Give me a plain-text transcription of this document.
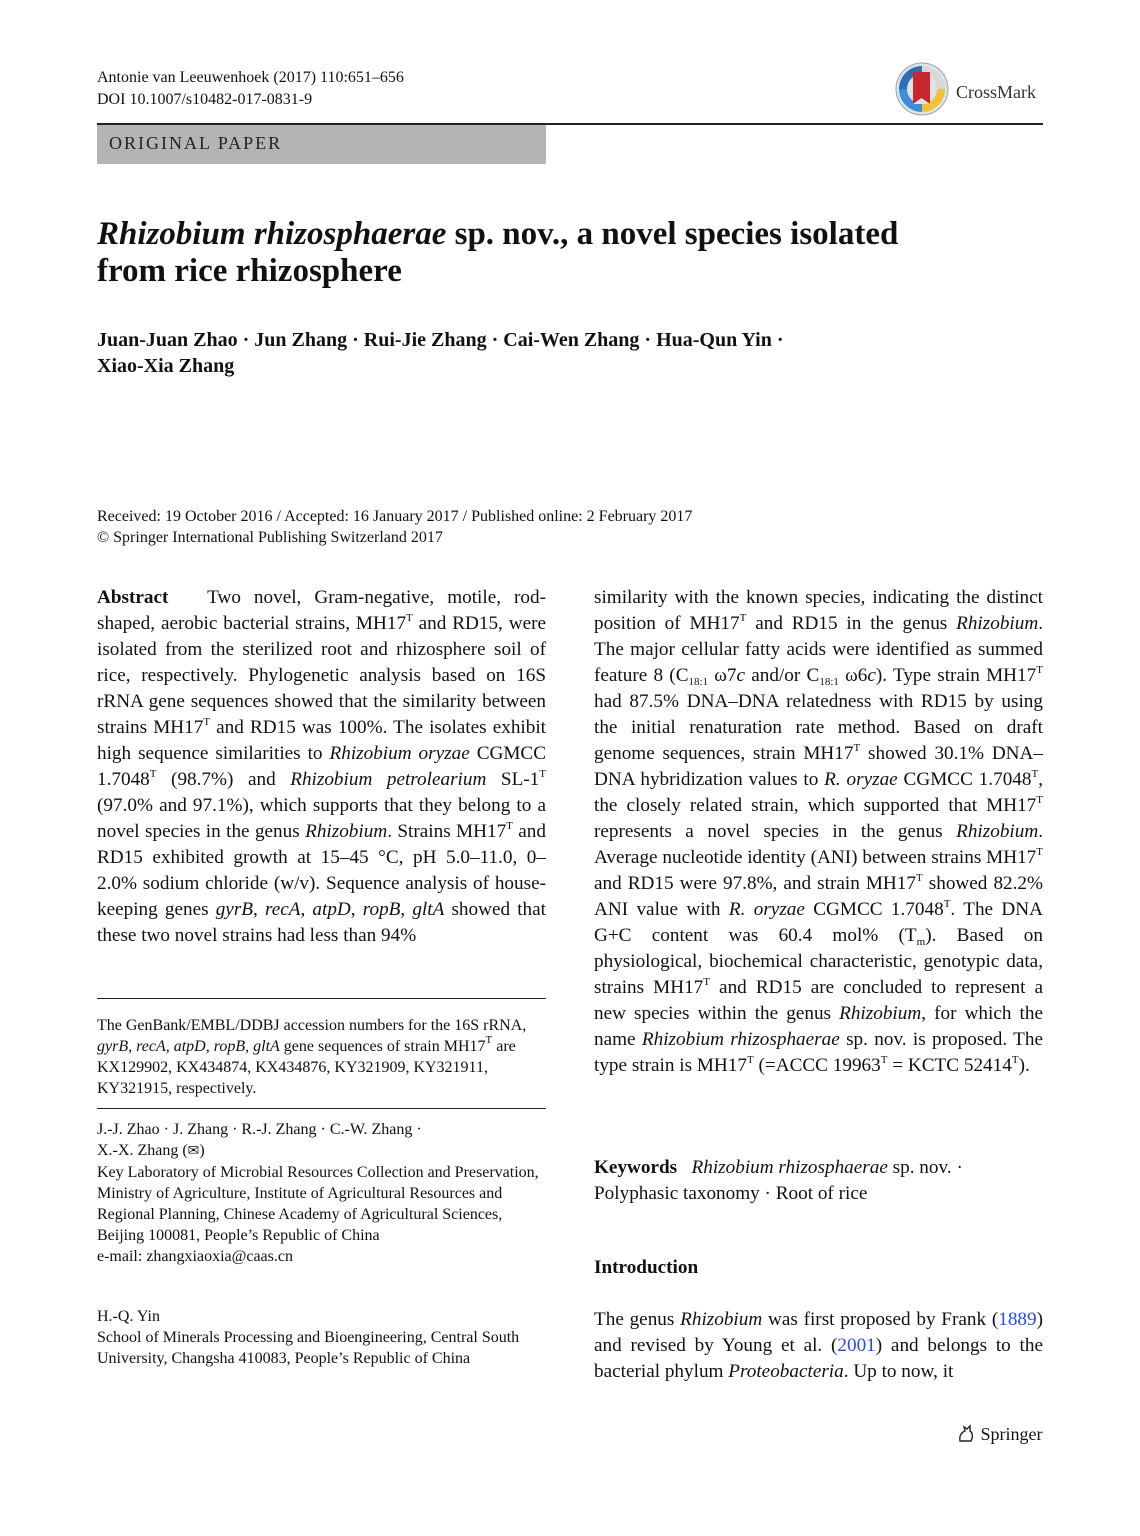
Antonie van Leeuwenhoek (2017) 110:651–656
DOI 10.1007/s10482-017-0831-9	CrossMark
ORIGINAL PAPER
Rhizobium rhizosphaerae sp. nov., a novel species isolated
from rice rhizosphere
Juan-Juan Zhao · Jun Zhang · Rui-Jie Zhang · Cai-Wen Zhang · Hua-Qun Yin ·
Xiao-Xia Zhang
Received: 19 October 2016 / Accepted: 16 January 2017 / Published online: 2 February 2017
© Springer International Publishing Switzerland 2017

Abstract Two novel, Gram-negative, motile, rod-shaped, aerobic bacterial strains, $MH17^T$ and RD15, were isolated from the sterilized root and rhizosphere soil of rice, respectively. Phylogenetic analysis based on 16S rRNA gene sequences showed that the similarity between strains $MH17^T$ and RD15 was 100%. The isolates exhibit high sequence similarities to Rhizobium oryzae CGMCC $1.7048^T$ (98.7%) and Rhizobium petrolearium $SL-1^T$ (97.0% and 97.1%), which supports that they belong to a novel species in the genus Rhizobium. Strains $MH17^T$ and RD15 exhibited growth at 15–45 °C, pH 5.0–11.0, 0–2.0% sodium chloride (w/v). Sequence analysis of house-keeping genes gyrB, recA, atpD, ropB, gltA showed that these two novel strains had less than 94%

The GenBank/EMBL/DDBJ accession numbers for the 16S rRNA, gyrB, recA, atpD, ropB, gltA gene sequences of strain $MH17^T$ are KX129902, KX434874, KX434876, KY321909, KY321911, KY321915, respectively.

J.-J. Zhao · J. Zhang · R.-J. Zhang · C.-W. Zhang ·

X.-X. Zhang (✉)

Key Laboratory of Microbial Resources Collection and Preservation, Ministry of Agriculture, Institute of Agricultural Resources and Regional Planning, Chinese Academy of Agricultural Sciences, Beijing 100081, People’s Republic of China

e-mail: zhangxiaoxia@caas.cn

H.-Q. Yin

School of Minerals Processing and Bioengineering, Central South University, Changsha 410083, People’s Republic of China

similarity with the known species, indicating the distinct position of $MH17^T$ and RD15 in the genus Rhizobium. The major cellular fatty acids were identified as summed feature 8 ($C_{18:1}$ ω7c and/or $C_{18:1}$ ω6c). Type strain $MH17^T$ had 87.5% DNA–DNA relatedness with RD15 by using the initial renaturation rate method. Based on draft genome sequences, strain $MH17^T$ showed 30.1% DNA–DNA hybridization values to R. oryzae CGMCC $1.7048^T$, the closely related strain, which supported that $MH17^T$ represents a novel species in the genus Rhizobium. Average nucleotide identity (ANI) between strains $MH17^T$ and RD15 were 97.8%, and strain $MH17^T$ showed 82.2% ANI value with R. oryzae CGMCC $1.7048^T$. The DNA G+C content was 60.4 mol% $(T_m)$. Based on physiological, biochemical characteristic, genotypic data, strains $MH17^T$ and RD15 are concluded to represent a new species within the genus Rhizobium, for which the name Rhizobium rhizosphaerae sp. nov. is proposed. The type strain is $MH17^T$ (=ACCC $19963^T$ = KCTC $52414^T$).

Keywords Rhizobium rhizosphaerae sp. nov. ·
Polyphasic taxonomy · Root of rice
Introduction

The genus Rhizobium was first proposed by Frank (1889) and revised by Young et al. (2001) and belongs to the bacterial phylum Proteobacteria. Up to now, it

Springer
